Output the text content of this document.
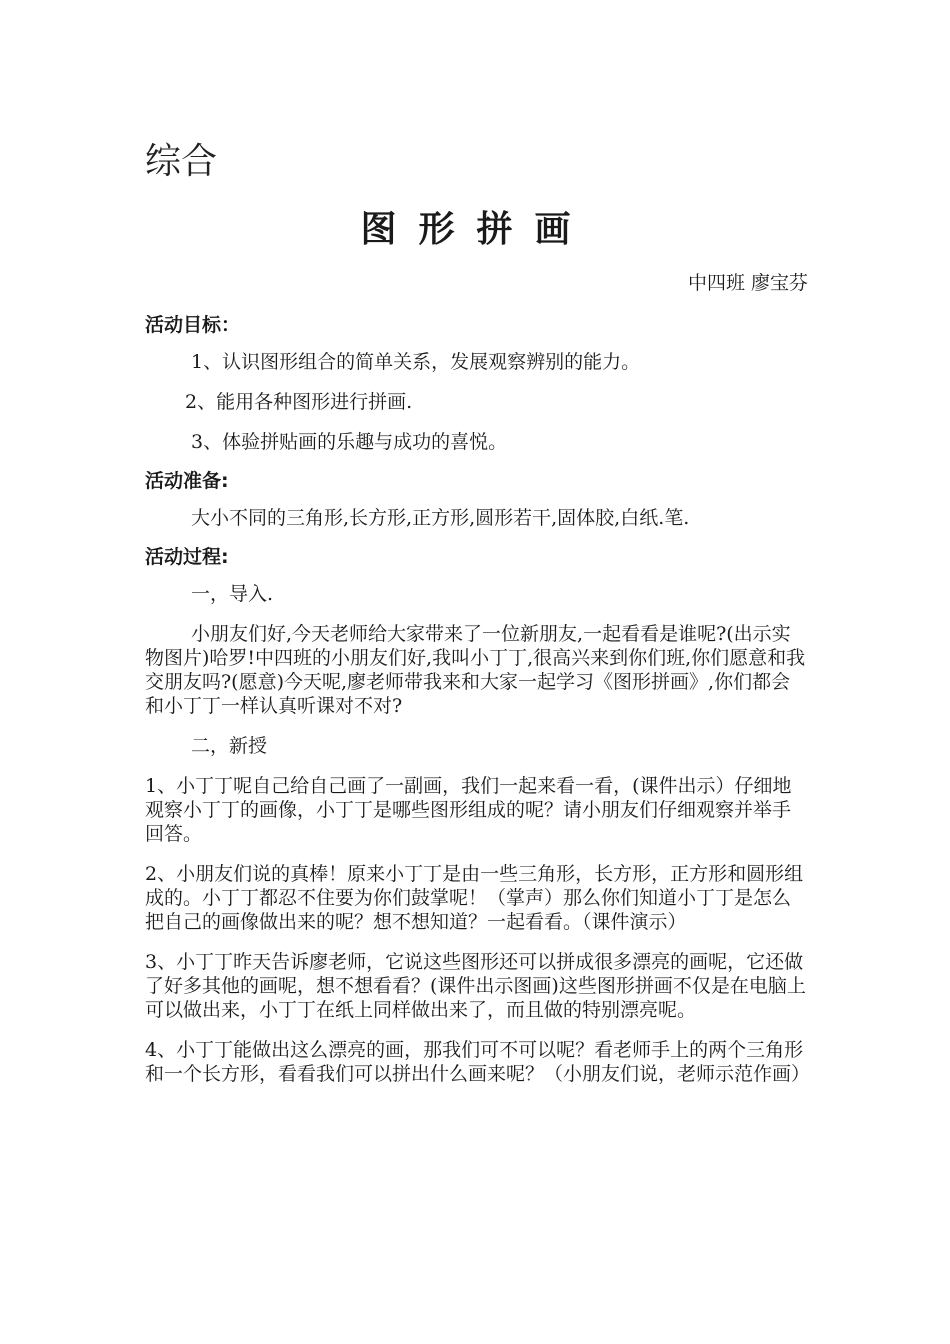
综合
图形拼画
中四班 廖宝芬
活动目标：

1、认识图形组合的简单关系，发展观察辨别的能力。

2、能用各种图形进行拼画.

3、体验拼贴画的乐趣与成功的喜悦。

活动准备:

大小不同的三角形,长方形,正方形,圆形若干,固体胶,白纸.笔.

活动过程:

一，导入.

小朋友们好,今天老师给大家带来了一位新朋友,一起看看是谁呢?(出示实物图片)哈罗!中四班的小朋友们好,我叫小丁丁,很高兴来到你们班,你们愿意和我交朋友吗?(愿意)今天呢,廖老师带我来和大家一起学习《图形拼画》,你们都会和小丁丁一样认真听课对不对?

二，新授

1、小丁丁呢自己给自己画了一副画，我们一起来看一看，(课件出示）仔细地观察小丁丁的画像，小丁丁是哪些图形组成的呢？请小朋友们仔细观察并举手回答。

2、小朋友们说的真棒！原来小丁丁是由一些三角形，长方形，正方形和圆形组成的。小丁丁都忍不住要为你们鼓掌呢！（掌声）那么你们知道小丁丁是怎么把自己的画像做出来的呢？想不想知道？一起看看。（课件演示）

3、小丁丁昨天告诉廖老师，它说这些图形还可以拼成很多漂亮的画呢，它还做了好多其他的画呢，想不想看看？(课件出示图画)这些图形拼画不仅是在电脑上可以做出来，小丁丁在纸上同样做出来了，而且做的特别漂亮呢。

4、小丁丁能做出这么漂亮的画，那我们可不可以呢？看老师手上的两个三角形和一个长方形，看看我们可以拼出什么画来呢？（小朋友们说，老师示范作画）
